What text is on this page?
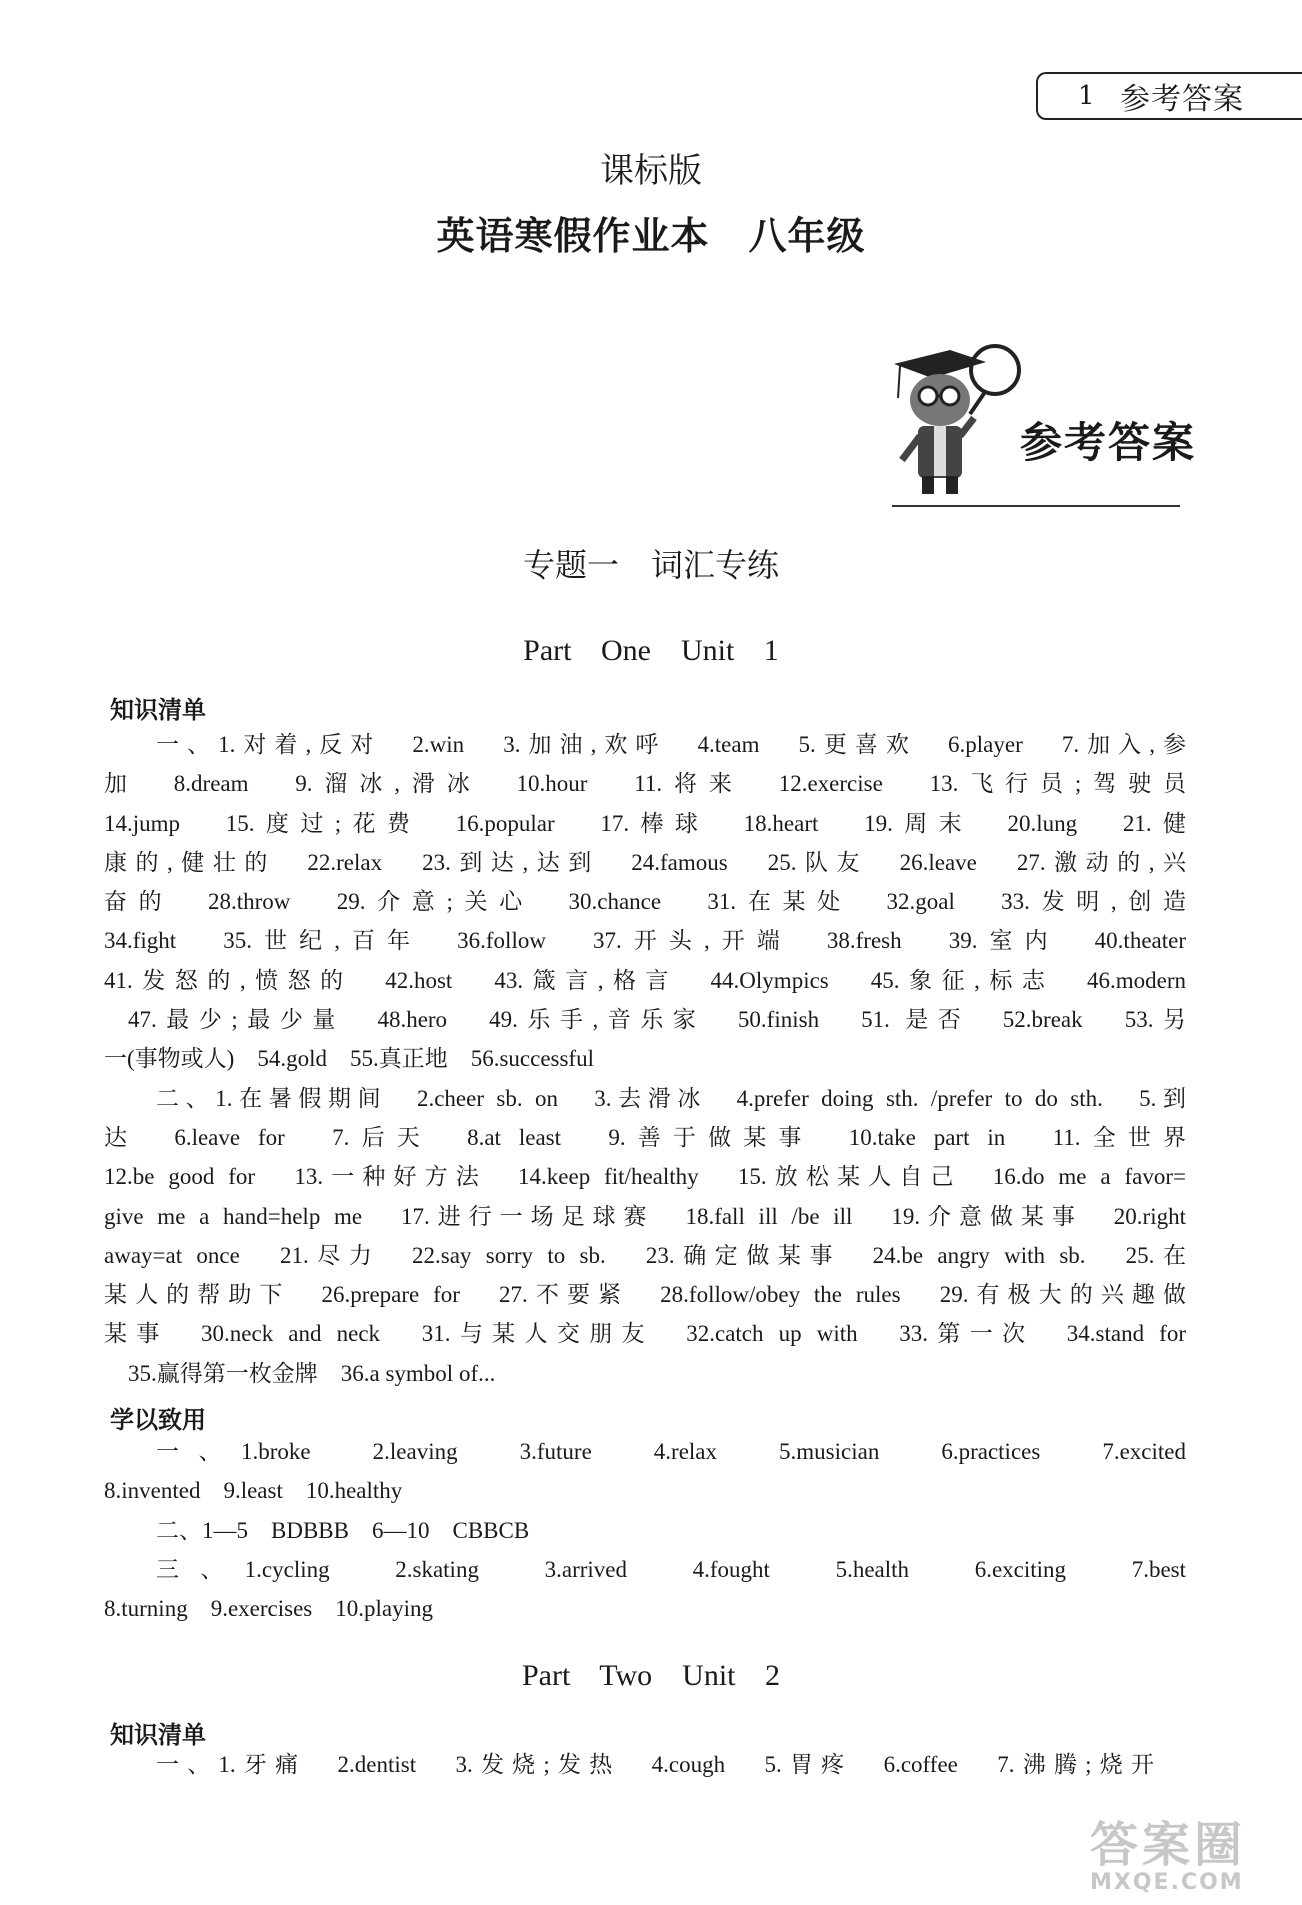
1 参考答案
课标版
英语寒假作业本　八年级
参考答案
专题一　词汇专练
Part One　Unit 1
知识清单
一、1.对着,反对　2.win　3.加油,欢呼　4.team　5.更喜欢　6.player　7.加入,参
加　8.dream　9.溜冰,滑冰　10.hour　11.将来　12.exercise　13.飞行员;驾驶员
14.jump　15.度过;花费　16.popular　17.棒球　18.heart　19.周末　20.lung　21.健
康的,健壮的　22.relax　23.到达,达到　24.famous　25.队友　26.leave　27.激动的,兴
奋的　28.throw　29.介意;关心　30.chance　31.在某处　32.goal　33.发明,创造
34.fight　35.世纪,百年　36.follow　37.开头,开端　38.fresh　39.室内　40.theater
41.发怒的,愤怒的　42.host　43.箴言,格言　44.Olympics　45.象征,标志　46.modern
47.最少;最少量　48.hero　49.乐手,音乐家　50.finish　51. 是否　52.break　53.另
一(事物或人)　54.gold　55.真正地　56.successful
二、1.在暑假期间　2.cheer sb. on　3.去滑冰　4.prefer doing sth. /prefer to do sth.　5.到
达　6.leave for　7.后天　8.at least　9.善于做某事　10.take part in　11.全世界
12.be good for　13.一种好方法　14.keep fit/healthy　15.放松某人自己　16.do me a favor=
give me a hand=help me　17.进行一场足球赛　18.fall ill /be ill　19.介意做某事　20.right
away=at once　21.尽力　22.say sorry to sb.　23.确定做某事　24.be angry with sb.　25.在
某人的帮助下　26.prepare for　27.不要紧　28.follow/obey the rules　29.有极大的兴趣做
某事　30.neck and neck　31.与某人交朋友　32.catch up with　33.第一次　34.stand for
35.赢得第一枚金牌　36.a symbol of...
学以致用
一、1.broke　2.leaving　3.future　4.relax　5.musician　6.practices　7.excited
8.invented　9.least　10.healthy
二、1—5　BDBBB　6—10　CBBCB
三、1.cycling　2.skating　3.arrived　4.fought　5.health　6.exciting　7.best
8.turning　9.exercises　10.playing
Part Two　Unit 2
知识清单
一、1.牙痛　2.dentist　3.发烧;发热　4.cough　5.胃疼　6.coffee　7.沸腾;烧开
答案圈
MXQE.COM
